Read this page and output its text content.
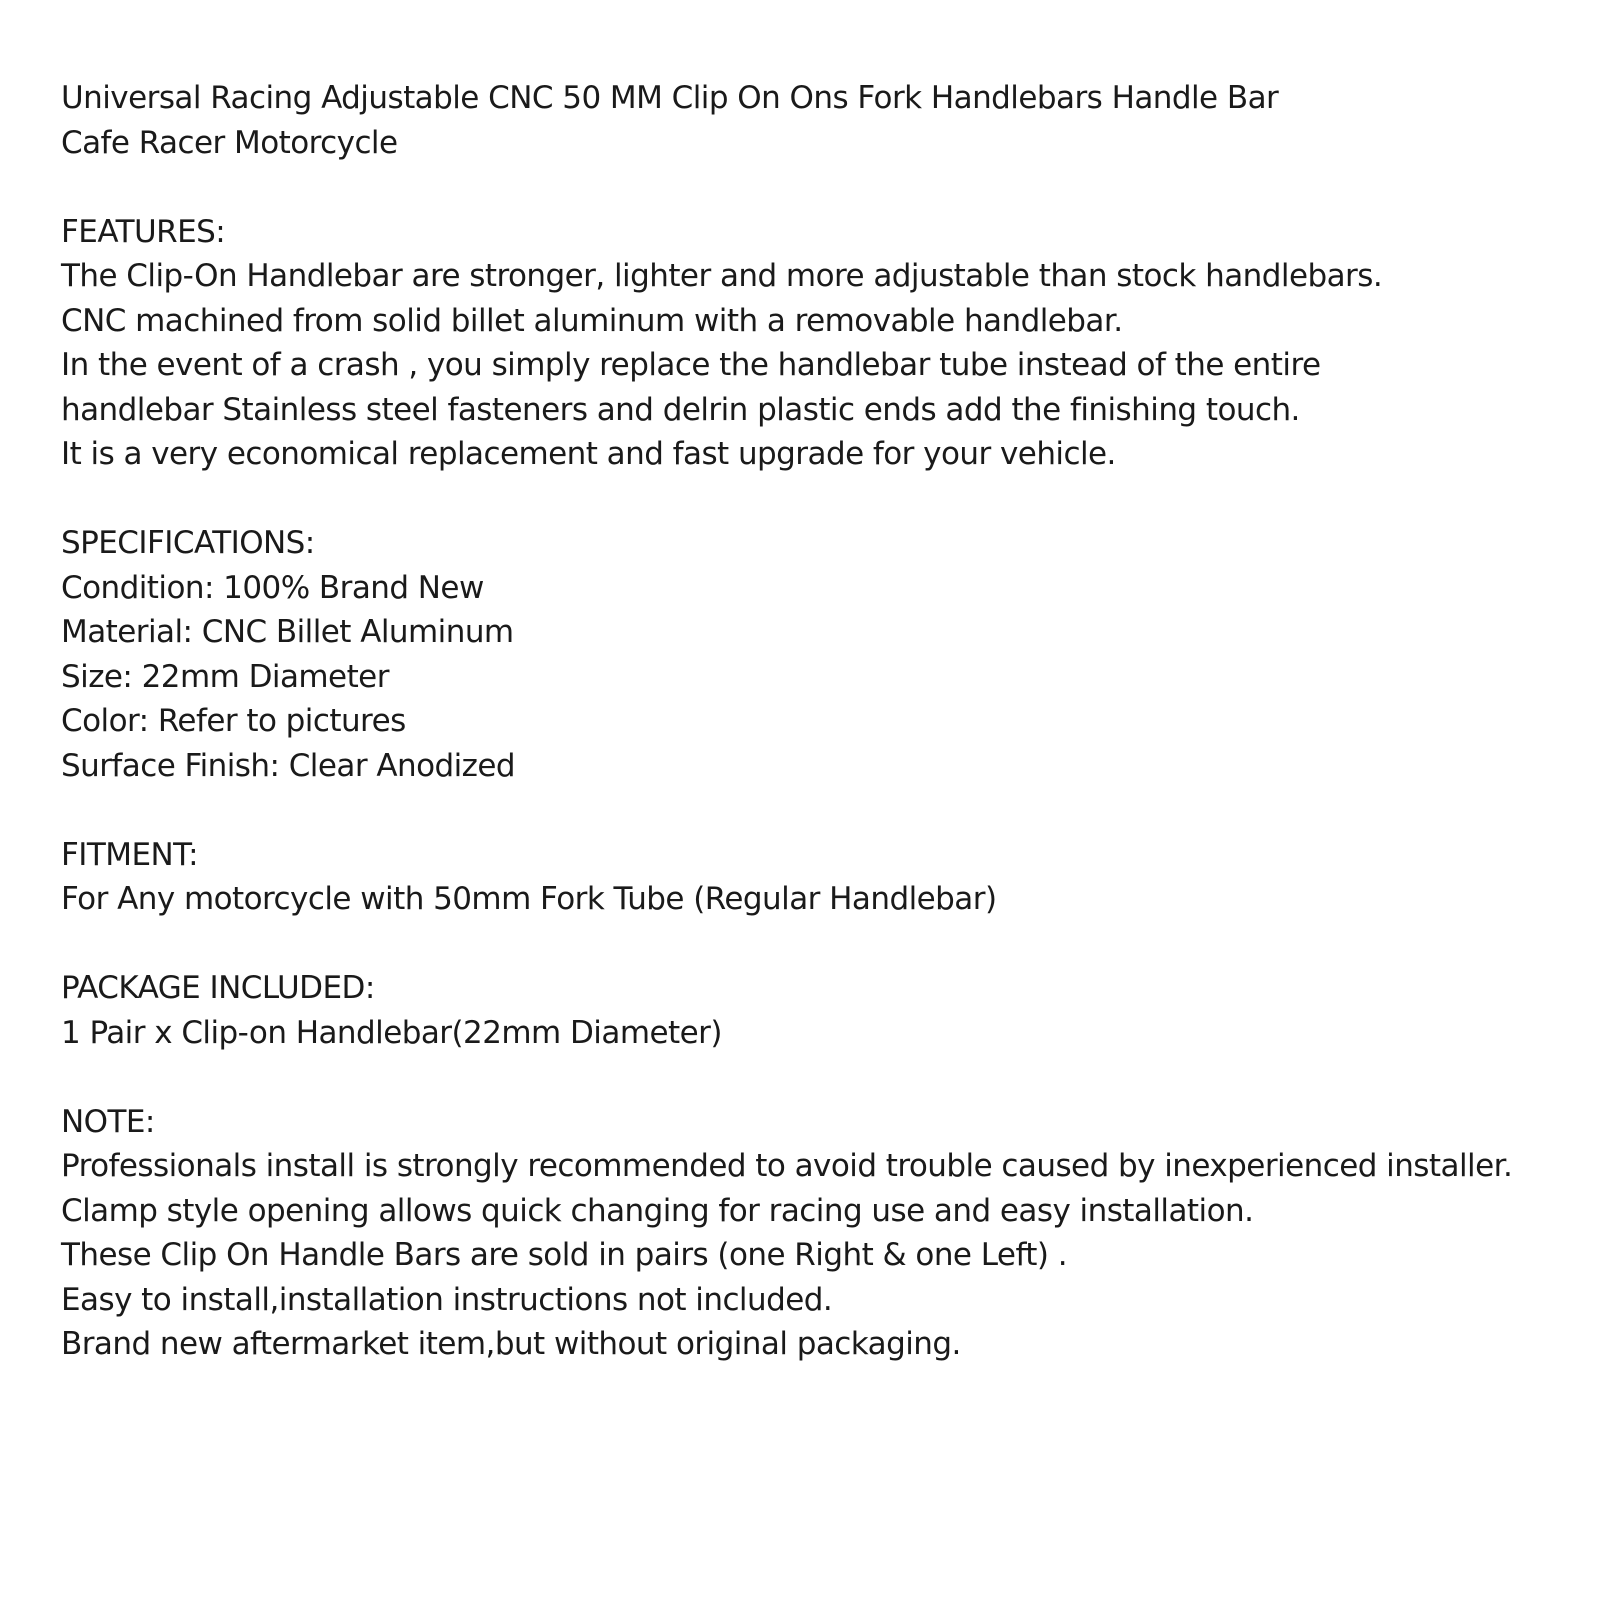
Universal Racing Adjustable CNC 50 MM Clip On Ons Fork Handlebars Handle Bar
Cafe Racer Motorcycle
FEATURES:
The Clip-On Handlebar are stronger, lighter and more adjustable than stock handlebars.
CNC machined from solid billet aluminum with a removable handlebar.
In the event of a crash , you simply replace the handlebar tube instead of the entire
handlebar Stainless steel fasteners and delrin plastic ends add the finishing touch.
It is a very economical replacement and fast upgrade for your vehicle.
SPECIFICATIONS:
Condition: 100% Brand New
Material: CNC Billet Aluminum
Size: 22mm Diameter
Color: Refer to pictures
Surface Finish: Clear Anodized
FITMENT:
For Any motorcycle with 50mm Fork Tube (Regular Handlebar)
PACKAGE INCLUDED:
1 Pair x Clip-on Handlebar(22mm Diameter)
NOTE:
Professionals install is strongly recommended to avoid trouble caused by inexperienced installer.
Clamp style opening allows quick changing for racing use and easy installation.
These Clip On Handle Bars are sold in pairs (one Right & one Left) .
Easy to install,installation instructions not included.
Brand new aftermarket item,but without original packaging.
